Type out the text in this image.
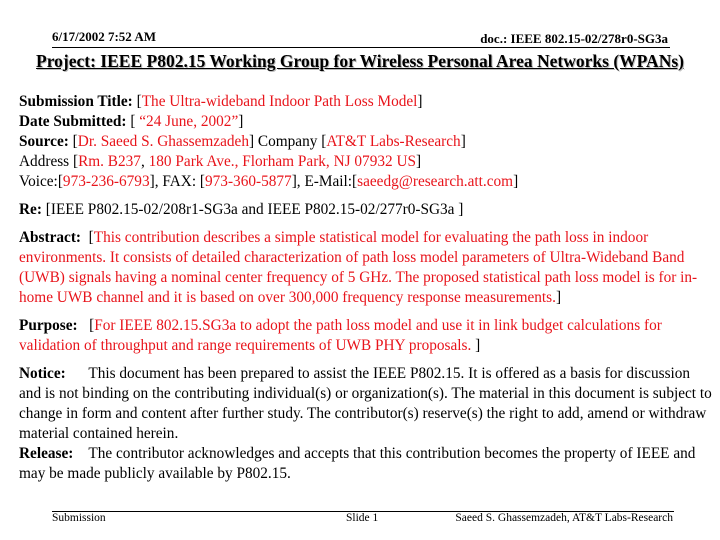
6/17/2002 7:52 AM	doc.: IEEE 802.15-02/278r0-SG3a
Project: IEEE P802.15 Working Group for Wireless Personal Area Networks (WPANs)

Submission Title: [The Ultra-wideband Indoor Path Loss Model]

Date Submitted: [ “24 June, 2002”]

Source: [Dr. Saeed S. Ghassemzadeh] Company [AT&T Labs-Research]

Address [Rm. B237, 180 Park Ave., Florham Park, NJ 07932 US]

Voice:[973-236-6793], FAX: [973-360-5877], E-Mail:[saeedg@research.att.com]

Re: [IEEE P802.15-02/208r1-SG3a and IEEE P802.15-02/277r0-SG3a ]

Abstract:  [This contribution describes a simple statistical model for evaluating the path loss in indoor environments. It consists of detailed characterization of path loss model parameters of Ultra-Wideband Band (UWB) signals having a nominal center frequency of 5 GHz. The proposed statistical path loss model is for in-home UWB channel and it is based on over 300,000 frequency response measurements.]

Purpose:   [For IEEE 802.15.SG3a to adopt the path loss model and use it in link budget calculations for validation of throughput and range requirements of UWB PHY proposals. ]

Notice: This document has been prepared to assist the IEEE P802.15. It is offered as a basis for discussion and is not binding on the contributing individual(s) or organization(s). The material in this document is subject to change in form and content after further study. The contributor(s) reserve(s) the right to add, amend or withdraw material contained herein.

Release: The contributor acknowledges and accepts that this contribution becomes the property of IEEE and may be made publicly available by P802.15.

Submission	Slide 1	Saeed S. Ghassemzadeh, AT&T Labs-Research
